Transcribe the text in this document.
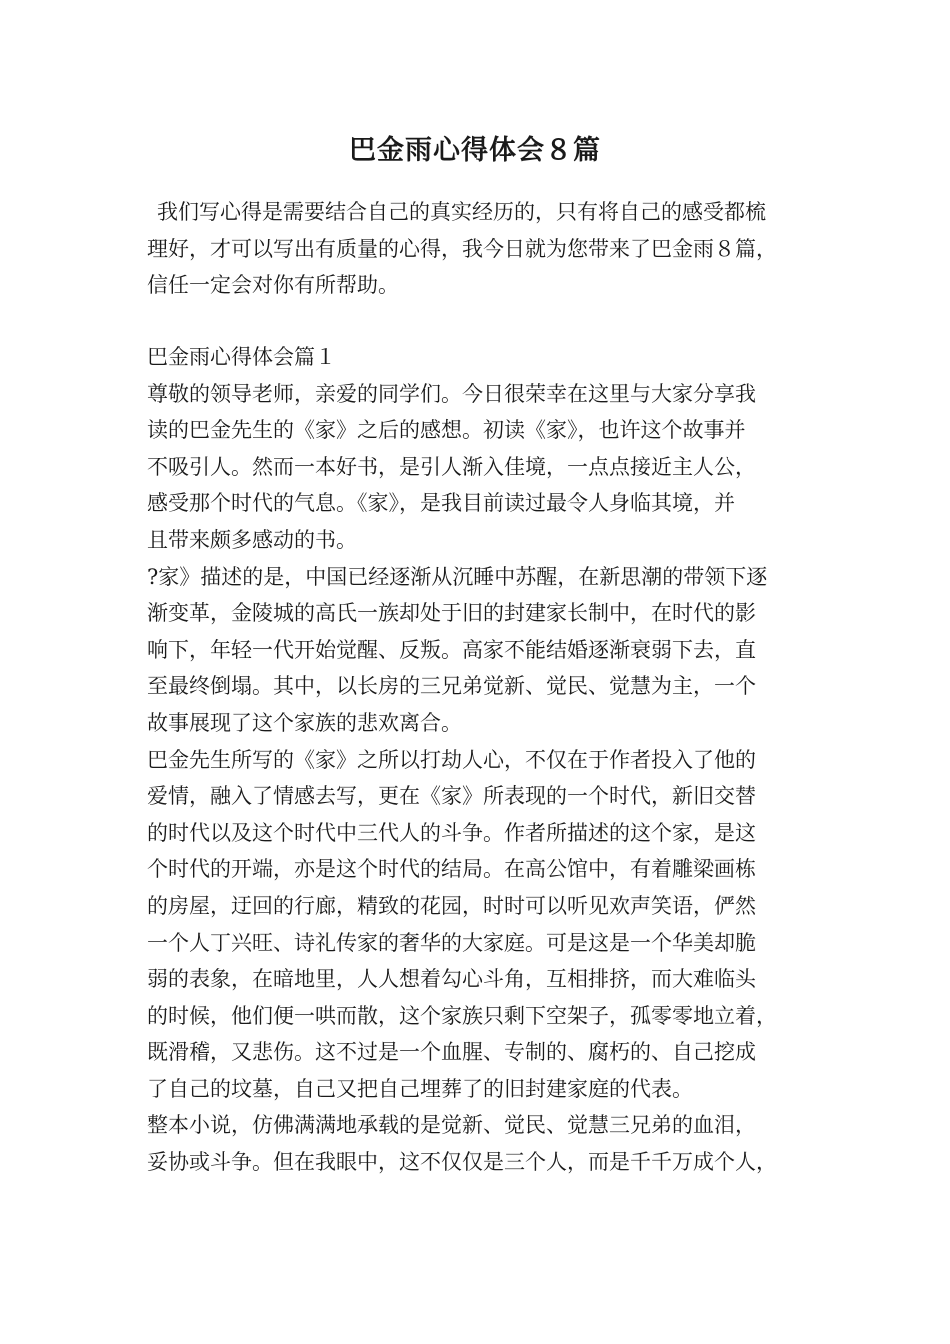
巴金雨心得体会８篇
我们写心得是需要结合自己的真实经历的，只有将自己的感受都梳
理好，才可以写出有质量的心得，我今日就为您带来了巴金雨８篇，
信任一定会对你有所帮助。
巴金雨心得体会篇１
尊敬的领导老师，亲爱的同学们。今日很荣幸在这里与大家分享我
读的巴金先生的《家》之后的感想。初读《家》，也许这个故事并
不吸引人。然而一本好书，是引人渐入佳境，一点点接近主人公，
感受那个时代的气息。《家》，是我目前读过最令人身临其境，并
且带来颇多感动的书。
?家》描述的是，中国已经逐渐从沉睡中苏醒，在新思潮的带领下逐
渐变革，金陵城的高氏一族却处于旧的封建家长制中，在时代的影
响下，年轻一代开始觉醒、反叛。高家不能结婚逐渐衰弱下去，直
至最终倒塌。其中，以长房的三兄弟觉新、觉民、觉慧为主，一个
故事展现了这个家族的悲欢离合。
巴金先生所写的《家》之所以打劫人心，不仅在于作者投入了他的
爱情，融入了情感去写，更在《家》所表现的一个时代，新旧交替
的时代以及这个时代中三代人的斗争。作者所描述的这个家，是这
个时代的开端，亦是这个时代的结局。在高公馆中，有着雕梁画栋
的房屋，迂回的行廊，精致的花园，时时可以听见欢声笑语，俨然
一个人丁兴旺、诗礼传家的奢华的大家庭。可是这是一个华美却脆
弱的表象，在暗地里，人人想着勾心斗角，互相排挤，而大难临头
的时候，他们便一哄而散，这个家族只剩下空架子，孤零零地立着，
既滑稽，又悲伤。这不过是一个血腥、专制的、腐朽的、自己挖成
了自己的坟墓，自己又把自己埋葬了的旧封建家庭的代表。
整本小说，仿佛满满地承载的是觉新、觉民、觉慧三兄弟的血泪，
妥协或斗争。但在我眼中，这不仅仅是三个人，而是千千万成个人，
